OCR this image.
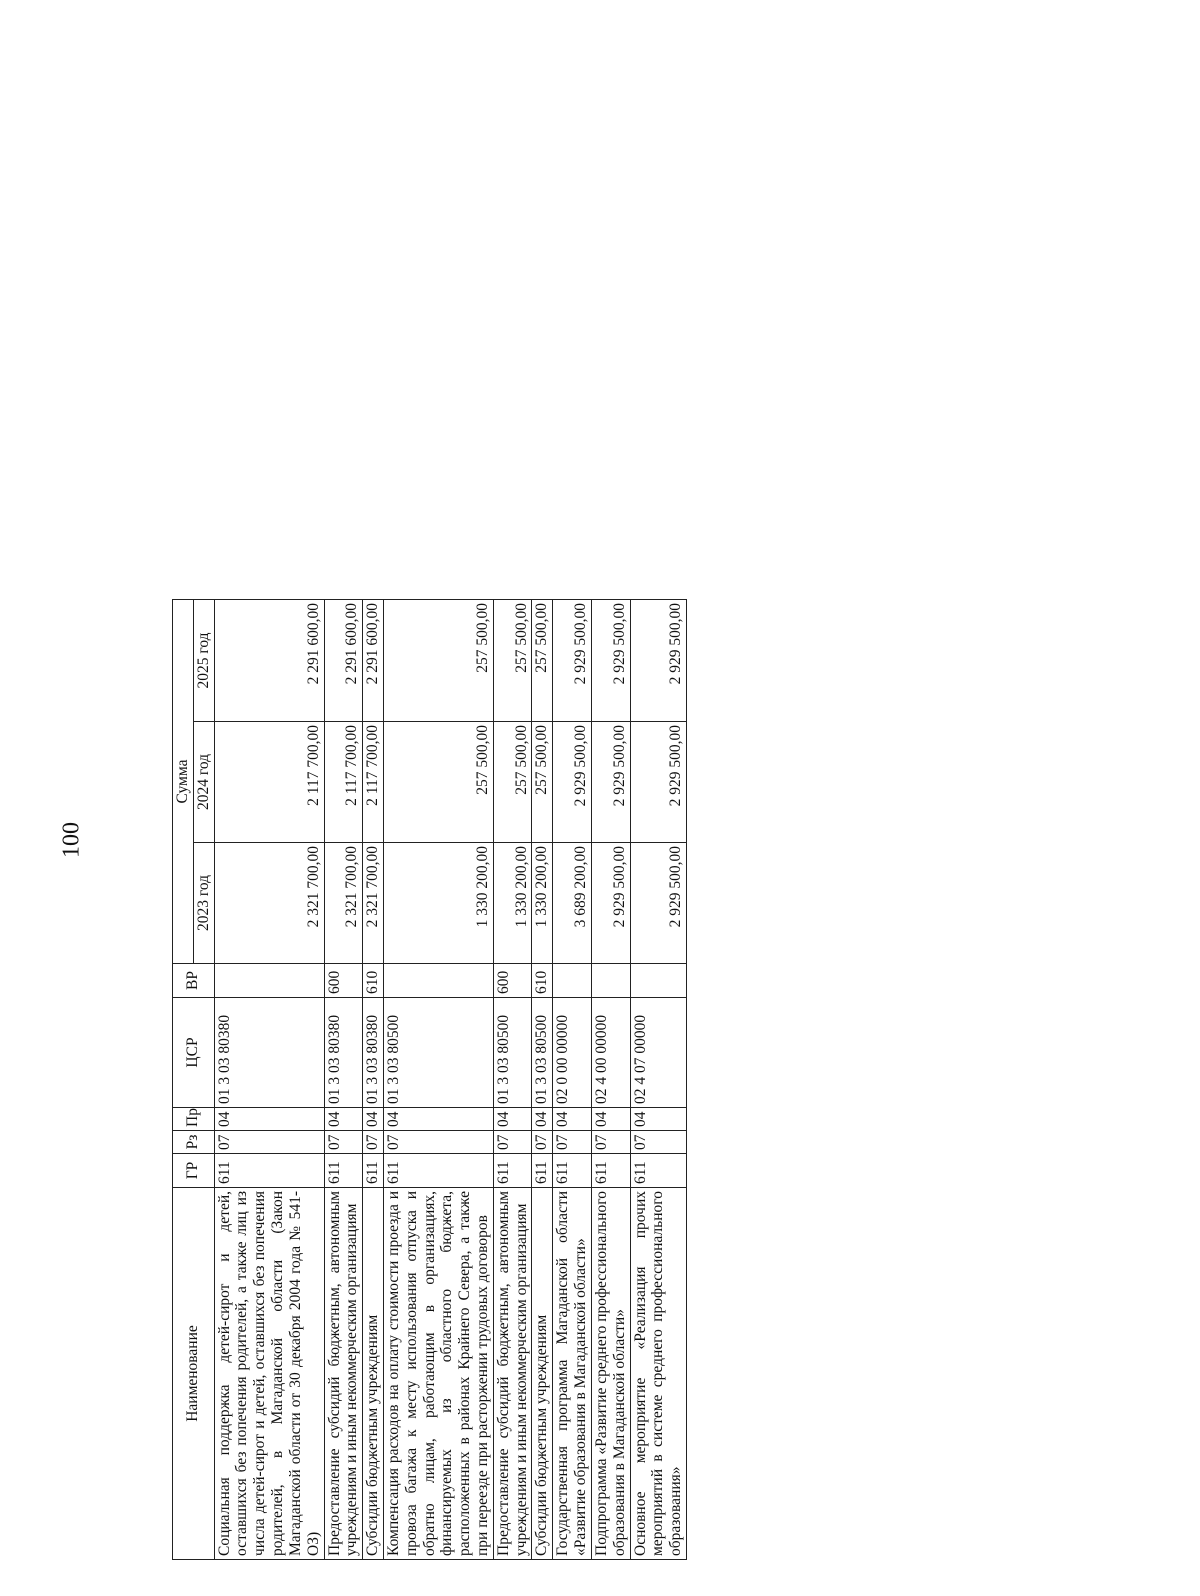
100
Наименование	ГР	Рз	Пр	ЦСР	ВР	Сумма		
						2023 год	2024 год	2025 год
Социальная поддержка детей-сирот и детей, оставшихся без попечения родителей, а также лиц из числа детей-сирот и детей, оставшихся без попечения родителей, в Магаданской области (Закон Магаданской области от 30 декабря 2004 года № 541-ОЗ)	611	07	04	01 3 03 80380		2 321 700,00	2 117 700,00	2 291 600,00
Предоставление субсидий бюджетным, автономным учреждениям и иным некоммерческим организациям	611	07	04	01 3 03 80380	600	2 321 700,00	2 117 700,00	2 291 600,00
Субсидии бюджетным учреждениям	611	07	04	01 3 03 80380	610	2 321 700,00	2 117 700,00	2 291 600,00
Компенсация расходов на оплату стоимости проезда и провоза багажа к месту использования отпуска и обратно лицам, работающим в организациях, финансируемых из областного бюджета, расположенных в районах Крайнего Севера, а также при переезде при расторжении трудовых договоров	611	07	04	01 3 03 80500		1 330 200,00	257 500,00	257 500,00
Предоставление субсидий бюджетным, автономным учреждениям и иным некоммерческим организациям	611	07	04	01 3 03 80500	600	1 330 200,00	257 500,00	257 500,00
Субсидии бюджетным учреждениям	611	07	04	01 3 03 80500	610	1 330 200,00	257 500,00	257 500,00
Государственная программа Магаданской области «Развитие образования в Магаданской области»	611	07	04	02 0 00 00000		3 689 200,00	2 929 500,00	2 929 500,00
Подпрограмма «Развитие среднего профессионального образования в Магаданской области»	611	07	04	02 4 00 00000		2 929 500,00	2 929 500,00	2 929 500,00
Основное мероприятие «Реализация прочих мероприятий в системе среднего профессионального образования»	611	07	04	02 4 07 00000		2 929 500,00	2 929 500,00	2 929 500,00
